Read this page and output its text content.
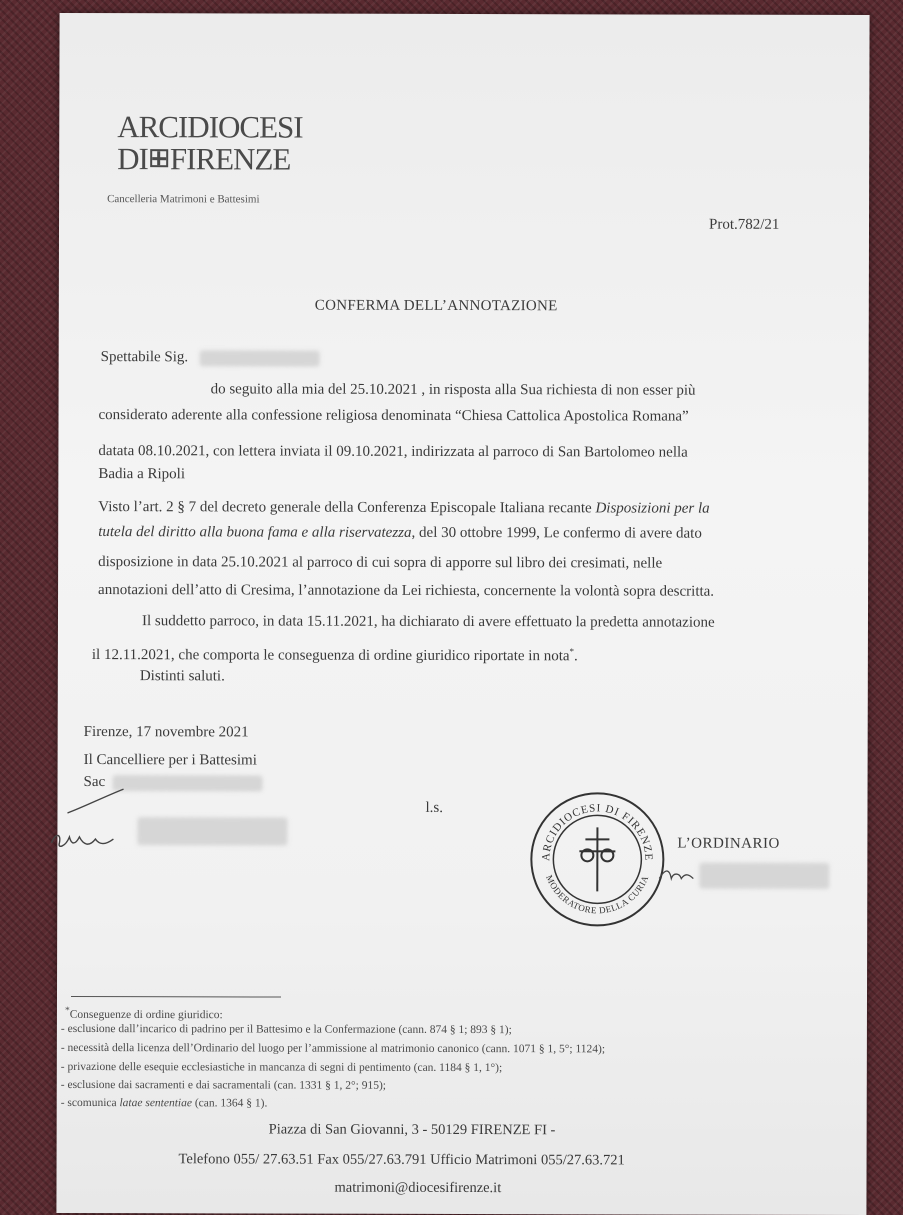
ARCIDIOCESI
DI FIRENZE
Cancelleria Matrimoni e Battesimi
Prot.782/21
CONFERMA DELL’ANNOTAZIONE
Spettabile Sig.
do seguito alla mia del 25.10.2021 , in risposta alla Sua richiesta di non esser più
considerato aderente alla confessione religiosa denominata “Chiesa Cattolica Apostolica Romana”
datata 08.10.2021, con lettera inviata il 09.10.2021, indirizzata al parroco di San Bartolomeo nella
Badia a Ripoli
Visto l’art. 2 § 7 del decreto generale della Conferenza Episcopale Italiana recante Disposizioni per la
tutela del diritto alla buona fama e alla riservatezza, del 30 ottobre 1999, Le confermo di avere dato
disposizione in data 25.10.2021 al parroco di cui sopra di apporre sul libro dei cresimati, nelle
annotazioni dell’atto di Cresima, l’annotazione da Lei richiesta, concernente la volontà sopra descritta.
Il suddetto parroco, in data 15.11.2021, ha dichiarato di avere effettuato la predetta annotazione
il 12.11.2021, che comporta le conseguenza di ordine giuridico riportate in nota*.
Distinti saluti.
Firenze, 17 novembre 2021
Il Cancelliere per i Battesimi
Sac
l.s.
ARCIDIOCESI DI FIRENZE
MODERATORE DELLA CURIA
L’ORDINARIO
*Conseguenze di ordine giuridico:
- esclusione dall’incarico di padrino per il Battesimo e la Confermazione (cann. 874 § 1; 893 § 1);
- necessità della licenza dell’Ordinario del luogo per l’ammissione al matrimonio canonico (cann. 1071 § 1, 5°; 1124);
- privazione delle esequie ecclesiastiche in mancanza di segni di pentimento (can. 1184 § 1, 1°);
- esclusione dai sacramenti e dai sacramentali (can. 1331 § 1, 2°; 915);
- scomunica latae sententiae (can. 1364 § 1).
Piazza di San Giovanni, 3 - 50129 FIRENZE FI -
Telefono 055/ 27.63.51 Fax 055/27.63.791 Ufficio Matrimoni 055/27.63.721
matrimoni@diocesifirenze.it
